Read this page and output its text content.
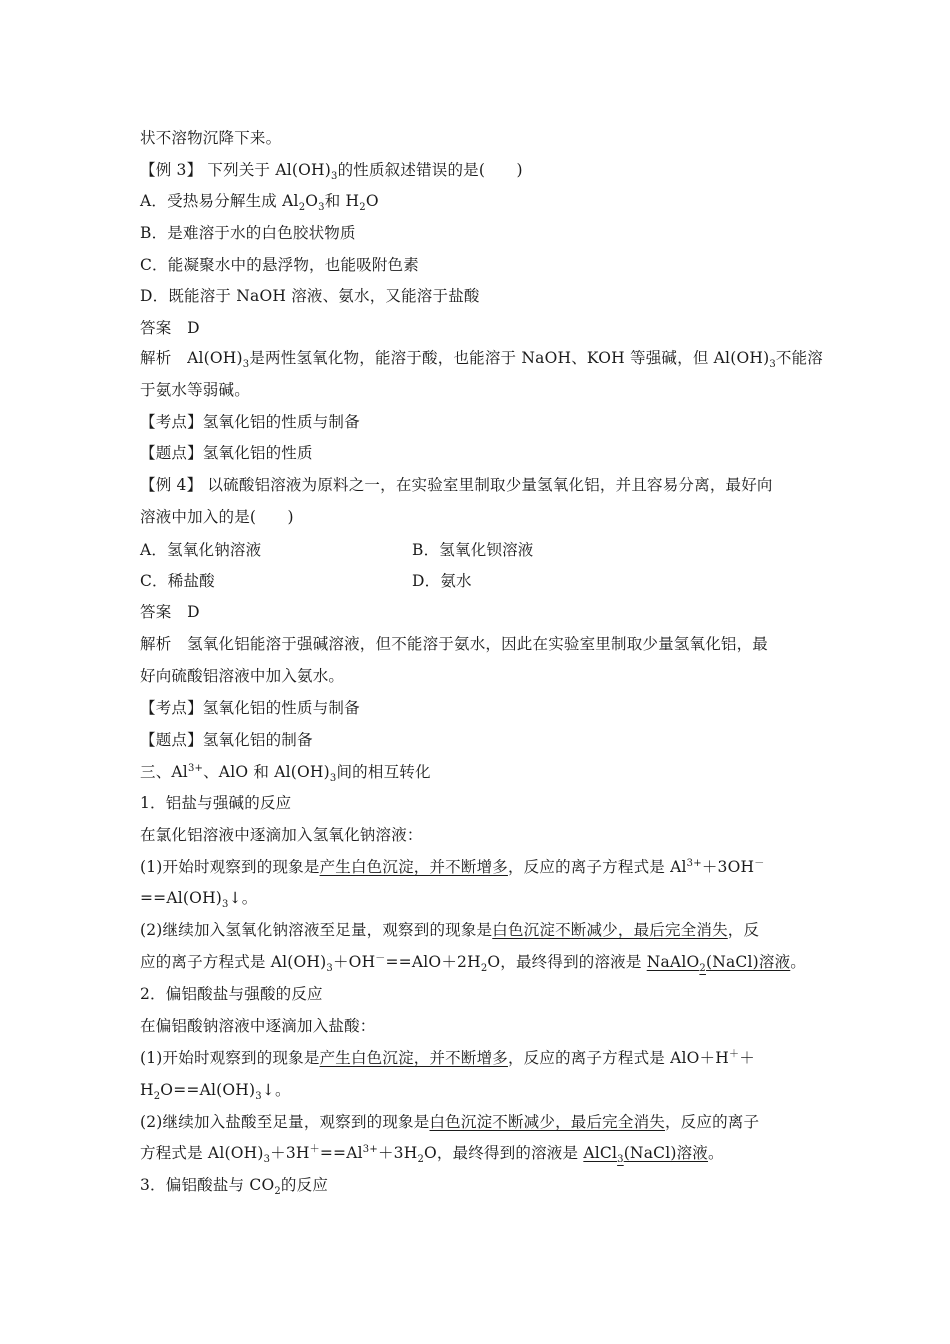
状不溶物沉降下来。
【例 3】 下列关于 $Al(OH)_3$的性质叙述错误的是(　　)
A．受热易分解生成 $Al_2O_3$和 $H_2O$
B．是难溶于水的白色胶状物质
C．能凝聚水中的悬浮物，也能吸附色素
D．既能溶于 NaOH 溶液、氨水，又能溶于盐酸
答案　D
解析　$Al(OH)_3$是两性氢氧化物，能溶于酸，也能溶于 NaOH、KOH 等强碱，但 $Al(OH)_3$不能溶
于氨水等弱碱。
【考点】氢氧化铝的性质与制备
【题点】氢氧化铝的性质
【例 4】 以硫酸铝溶液为原料之一，在实验室里制取少量氢氧化铝，并且容易分离，最好向
溶液中加入的是(　　)
A．氢氧化钠溶液	B．氢氧化钡溶液
C．稀盐酸	D．氨水
答案　D
解析　氢氧化铝能溶于强碱溶液，但不能溶于氨水，因此在实验室里制取少量氢氧化铝，最
好向硫酸铝溶液中加入氨水。
【考点】氢氧化铝的性质与制备
【题点】氢氧化铝的制备
三、$Al^{3+}$、AlO 和 $Al(OH)_3$间的相互转化
1．铝盐与强碱的反应
在氯化铝溶液中逐滴加入氢氧化钠溶液：
(1)开始时观察到的现象是产生白色沉淀，并不断增多，反应的离子方程式是 $Al^{3+}+3OH^-$
$==Al(OH)_3↓$。
(2)继续加入氢氧化钠溶液至足量，观察到的现象是白色沉淀不断减少，最后完全消失，反
应的离子方程式是 $Al(OH)_3+OH^-==AlO+2H_2O$，最终得到的溶液是 NaAlO$_2$(NaCl)溶液。
2．偏铝酸盐与强酸的反应
在偏铝酸钠溶液中逐滴加入盐酸：
(1)开始时观察到的现象是产生白色沉淀，并不断增多，反应的离子方程式是 AlO＋H＋＋
$H_2O==Al(OH)_3↓$。
(2)继续加入盐酸至足量，观察到的现象是白色沉淀不断减少，最后完全消失，反应的离子
方程式是 $Al(OH)_3+3H^+==Al^{3+}+3H_2O$，最终得到的溶液是 AlCl$_3$(NaCl)溶液。
3．偏铝酸盐与 $CO_2$的反应
